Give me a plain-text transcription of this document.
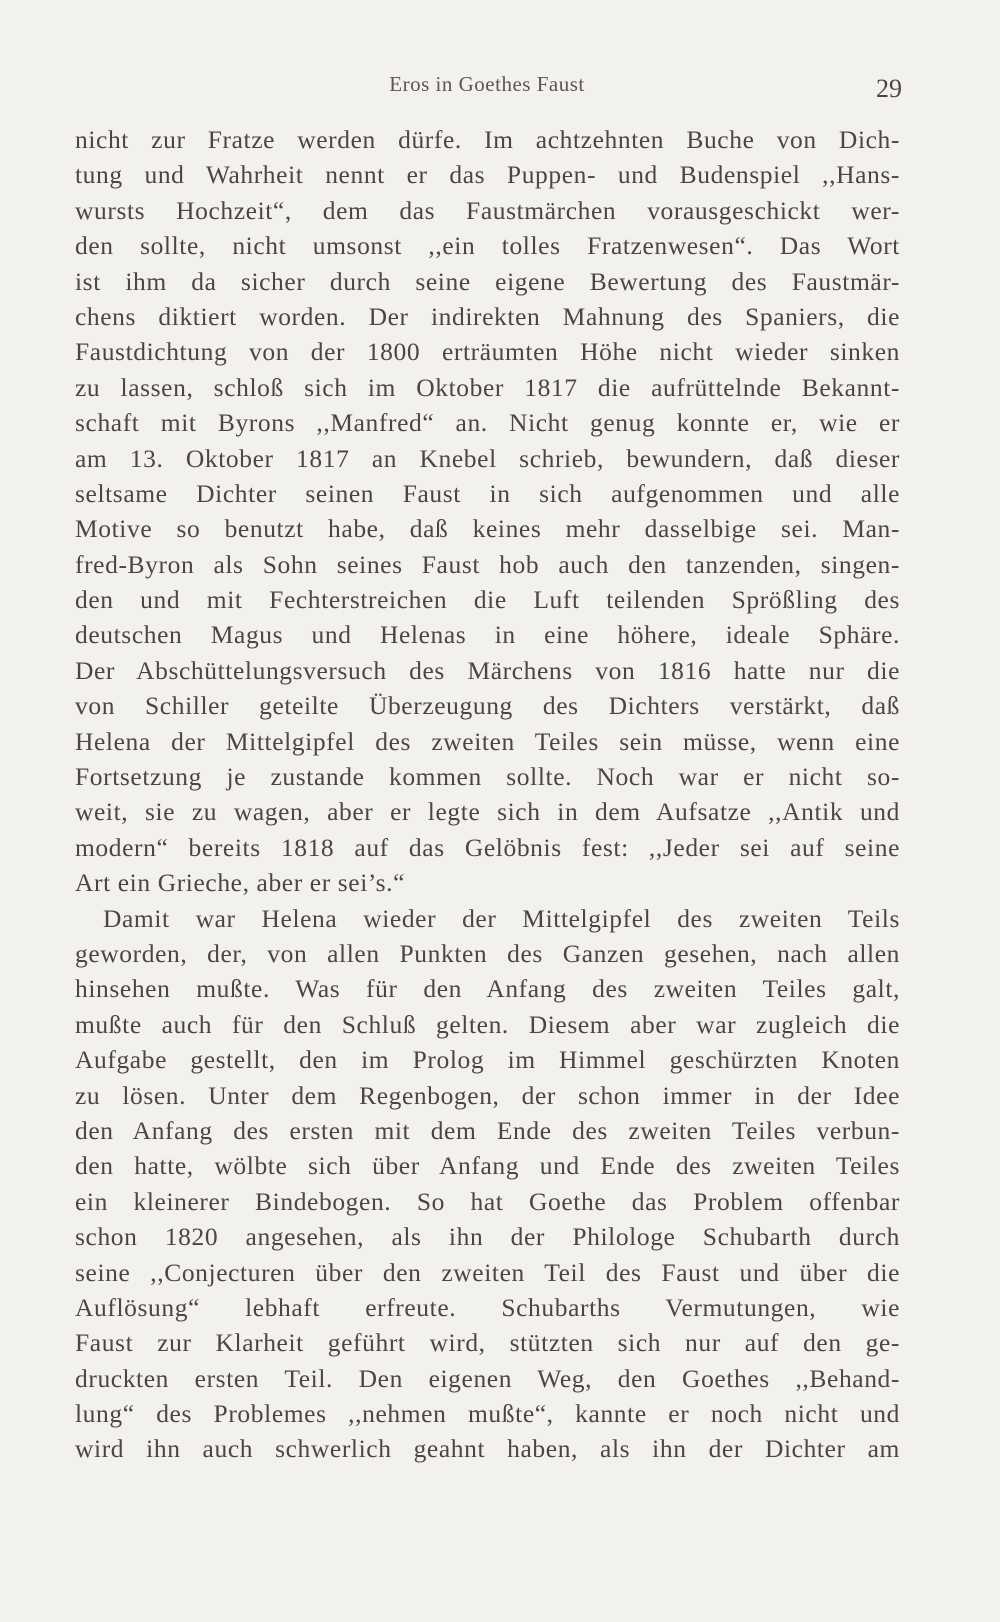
Eros in Goethes Faust	29
nicht zur Fratze werden dürfe. Im achtzehnten Buche von Dich-
tung und Wahrheit nennt er das Puppen- und Budenspiel ,,Hans-
wursts Hochzeit“, dem das Faustmärchen vorausgeschickt wer-
den sollte, nicht umsonst ,,ein tolles Fratzenwesen“. Das Wort
ist ihm da sicher durch seine eigene Bewertung des Faustmär-
chens diktiert worden. Der indirekten Mahnung des Spaniers, die
Faustdichtung von der 1800 erträumten Höhe nicht wieder sinken
zu lassen, schloß sich im Oktober 1817 die aufrüttelnde Bekannt-
schaft mit Byrons ,,Manfred“ an. Nicht genug konnte er, wie er
am 13. Oktober 1817 an Knebel schrieb, bewundern, daß dieser
seltsame Dichter seinen Faust in sich aufgenommen und alle
Motive so benutzt habe, daß keines mehr dasselbige sei. Man-
fred-Byron als Sohn seines Faust hob auch den tanzenden, singen-
den und mit Fechterstreichen die Luft teilenden Sprößling des
deutschen Magus und Helenas in eine höhere, ideale Sphäre.
Der Abschüttelungsversuch des Märchens von 1816 hatte nur die
von Schiller geteilte Überzeugung des Dichters verstärkt, daß
Helena der Mittelgipfel des zweiten Teiles sein müsse, wenn eine
Fortsetzung je zustande kommen sollte. Noch war er nicht so-
weit, sie zu wagen, aber er legte sich in dem Aufsatze ,,Antik und
modern“ bereits 1818 auf das Gelöbnis fest: ,,Jeder sei auf seine
Art ein Grieche, aber er sei’s.“
Damit war Helena wieder der Mittelgipfel des zweiten Teils
geworden, der, von allen Punkten des Ganzen gesehen, nach allen
hinsehen mußte. Was für den Anfang des zweiten Teiles galt,
mußte auch für den Schluß gelten. Diesem aber war zugleich die
Aufgabe gestellt, den im Prolog im Himmel geschürzten Knoten
zu lösen. Unter dem Regenbogen, der schon immer in der Idee
den Anfang des ersten mit dem Ende des zweiten Teiles verbun-
den hatte, wölbte sich über Anfang und Ende des zweiten Teiles
ein kleinerer Bindebogen. So hat Goethe das Problem offenbar
schon 1820 angesehen, als ihn der Philologe Schubarth durch
seine ,,Conjecturen über den zweiten Teil des Faust und über die
Auflösung“ lebhaft erfreute. Schubarths Vermutungen, wie
Faust zur Klarheit geführt wird, stützten sich nur auf den ge-
druckten ersten Teil. Den eigenen Weg, den Goethes ,,Behand-
lung“ des Problemes ,,nehmen mußte“, kannte er noch nicht und
wird ihn auch schwerlich geahnt haben, als ihn der Dichter am
